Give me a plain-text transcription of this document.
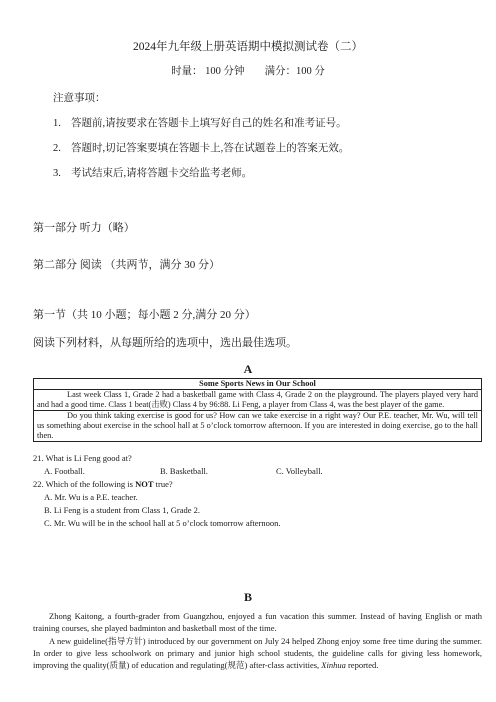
2024年九年级上册英语期中模拟测试卷（二）
时量： 100 分钟 满分：100 分
注意事项：
1. 答题前,请按要求在答题卡上填写好自己的姓名和准考证号。
2. 答题时,切记答案要填在答题卡上,答在试题卷上的答案无效。
3. 考试结束后,请将答题卡交给监考老师。
第一部分 听力（略）
第二部分 阅读 （共两节，满分 30 分）
第一节（共 10 小题；每小题 2 分,满分 20 分）
阅读下列材料，从每题所给的选项中，选出最佳选项。
A
Some Sports News in Our School
Last week Class 1, Grade 2 had a basketball game with Class 4, Grade 2 on the playground. The players played very hard and had a good time. Class 1 beat(击败) Class 4 by 96:88. Li Feng, a player from Class 4, was the best player of the game.
Do you think taking exercise is good for us? How can we take exercise in a right way? Our P.E. teacher, Mr. Wu, will tell us something about exercise in the school hall at 5 o’clock tomorrow afternoon. If you are interested in doing exercise, go to the hall then.
21. What is Li Feng good at?
A. Football.	B. Basketball.	C. Volleyball.
22. Which of the following is NOT true?
A. Mr. Wu is a P.E. teacher.
B. Li Feng is a student from Class 1, Grade 2.
C. Mr. Wu will be in the school hall at 5 o’clock tomorrow afternoon.
B
Zhong Kaitong, a fourth-grader from Guangzhou, enjoyed a fun vacation this summer. Instead of having English or math training courses, she played badminton and basketball most of the time.
A new guideline(指导方针) introduced by our government on July 24 helped Zhong enjoy some free time during the summer. In order to give less schoolwork on primary and junior high school students, the guideline calls for giving less homework, improving the quality(质量) of education and regulating(规范) after-class activities, Xinhua reported.
